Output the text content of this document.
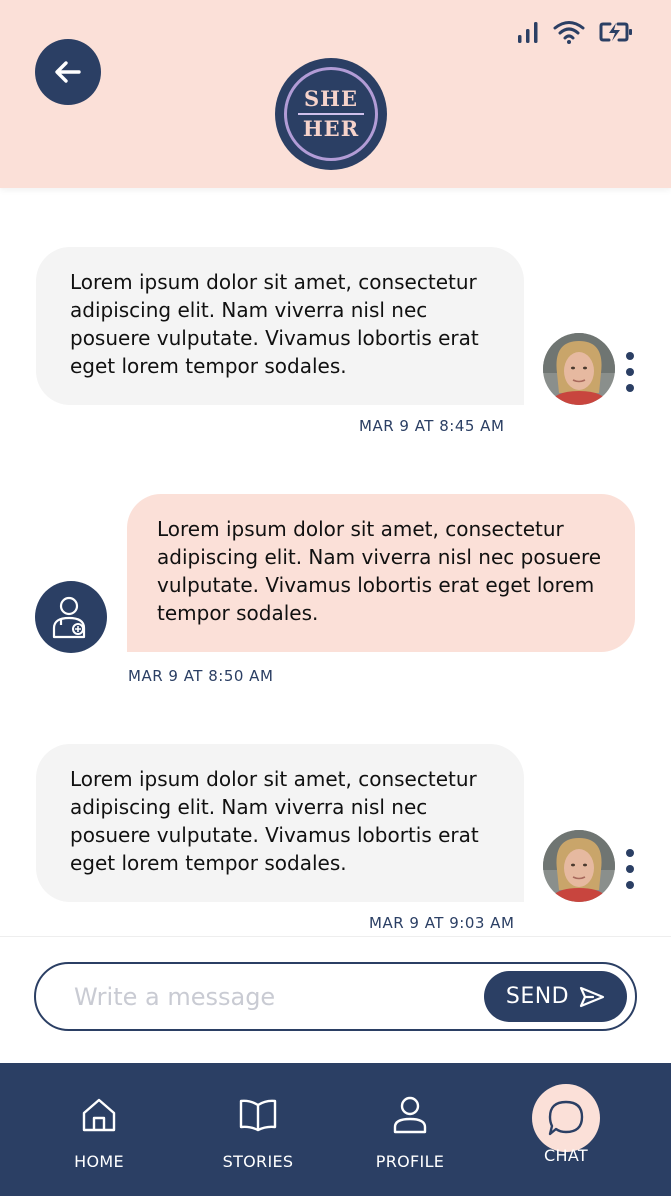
SHE
HER
Lorem ipsum dolor sit amet, consectetur adipiscing elit. Nam viverra nisl nec posuere vulputate. Vivamus lobortis erat eget lorem tempor sodales.
MAR 9 AT 8:45 AM
Lorem ipsum dolor sit amet, consectetur adipiscing elit. Nam viverra nisl nec posuere vulputate. Vivamus lobortis erat eget lorem tempor sodales.
MAR 9 AT 8:50 AM
Lorem ipsum dolor sit amet, consectetur adipiscing elit. Nam viverra nisl nec posuere vulputate. Vivamus lobortis erat eget lorem tempor sodales.
MAR 9 AT 9:03 AM
Write a message
SEND
HOME	STORIES	PROFILE	CHAT
